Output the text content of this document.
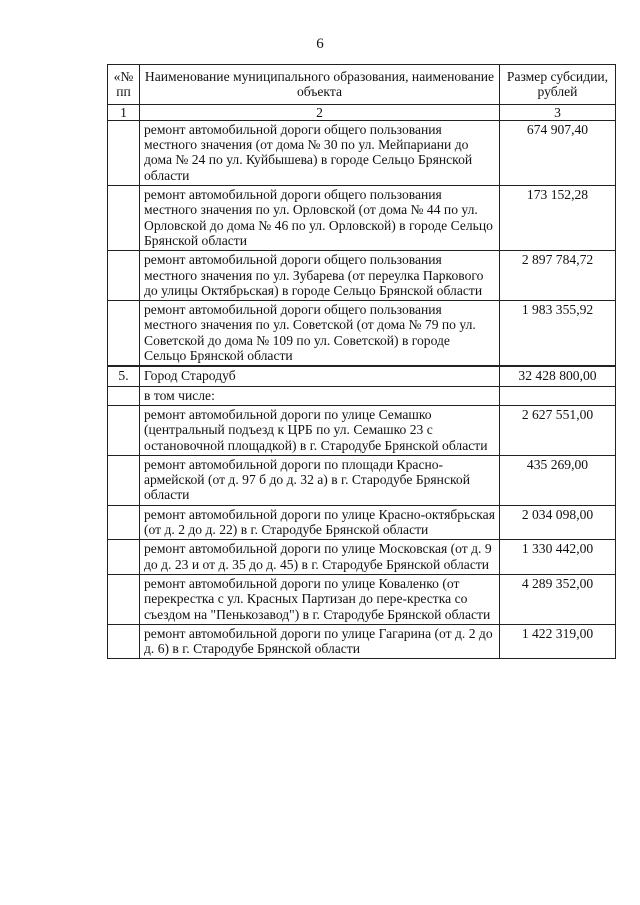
6
«№ пп	Наименование муниципального образования, наименование объекта	Размер субсидии, рублей
1	2	3
	ремонт автомобильной дороги общего пользования местного значения (от дома № 30 по ул. Мейпариани до дома № 24 по ул. Куйбышева) в городе Сельцо Брянской области	674 907,40
	ремонт автомобильной дороги общего пользования местного значения по ул. Орловской (от дома № 44 по ул. Орловской до дома № 46 по ул. Орловской) в городе Сельцо Брянской области	173 152,28
	ремонт автомобильной дороги общего пользования местного значения по ул. Зубарева (от переулка Паркового до улицы Октябрьская) в городе Сельцо Брянской области	2 897 784,72
	ремонт автомобильной дороги общего пользования местного значения по ул. Советской (от дома № 79 по ул. Советской до дома № 109 по ул. Советской) в городе Сельцо Брянской области	1 983 355,92
5.	Город Стародуб	32 428 800,00
	в том числе:	
	ремонт автомобильной дороги по улице Семашко (центральный подъезд к ЦРБ по ул. Семашко 23 с остановочной площадкой) в г. Стародубе Брянской области	2 627 551,00
	ремонт автомобильной дороги по площади Красно-армейской (от д. 97 б до д. 32 а) в г. Стародубе Брянской области	435 269,00
	ремонт автомобильной дороги по улице Красно-октябрьская (от д. 2 до д. 22) в г. Стародубе Брянской области	2 034 098,00
	ремонт автомобильной дороги по улице Московская (от д. 9 до д. 23 и от д. 35 до д. 45) в г. Стародубе Брянской области	1 330 442,00
	ремонт автомобильной дороги по улице Коваленко (от перекрестка с ул. Красных Партизан до пере-крестка со съездом на "Пенькозавод") в г. Стародубе Брянской области	4 289 352,00
	ремонт автомобильной дороги по улице Гагарина (от д. 2 до д. 6) в г. Стародубе Брянской области	1 422 319,00
